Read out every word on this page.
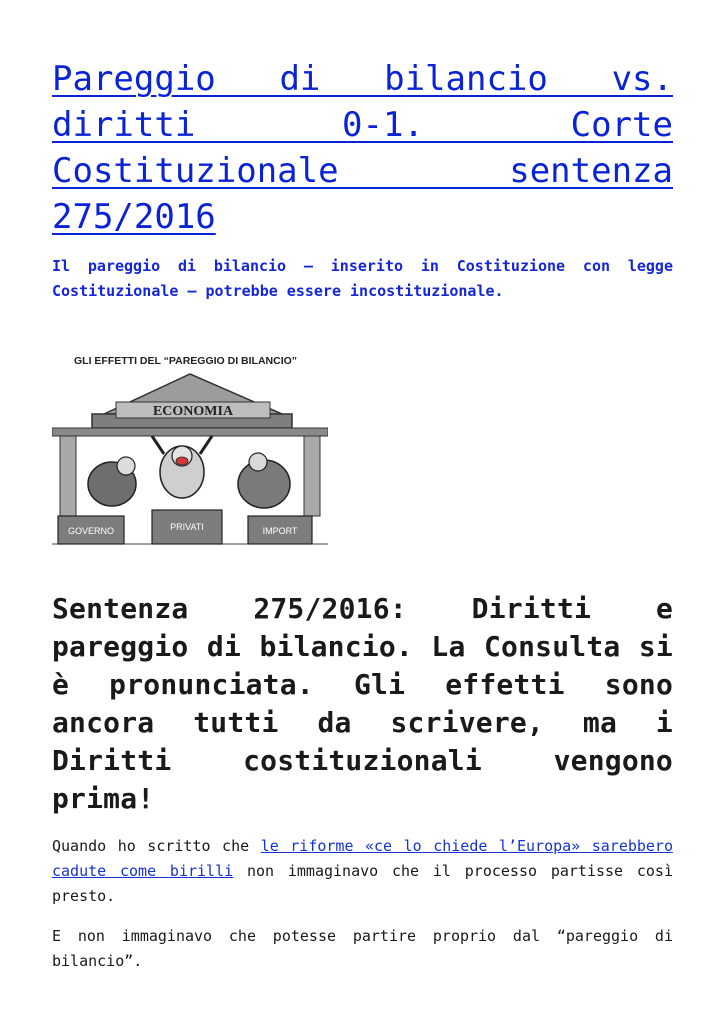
Pareggio di bilancio vs. diritti 0-1. Corte Costituzionale sentenza 275/2016

Il pareggio di bilancio – inserito in Costituzione con legge Costituzionale – potrebbe essere incostituzionale.

GLI EFFETTI DEL “PAREGGIO DI BILANCIO”
ECONOMIA
GOVERNO	PRIVATI	IMPORT
Sentenza 275/2016: Diritti e pareggio di bilancio. La Consulta si è pronunciata. Gli effetti sono ancora tutti da scrivere, ma i Diritti costituzionali vengono prima!

Quando ho scritto che le riforme «ce lo chiede l’Europa» sarebbero cadute come birilli non immaginavo che il processo partisse così presto.

E non immaginavo che potesse partire proprio dal “pareggio di bilancio”.
